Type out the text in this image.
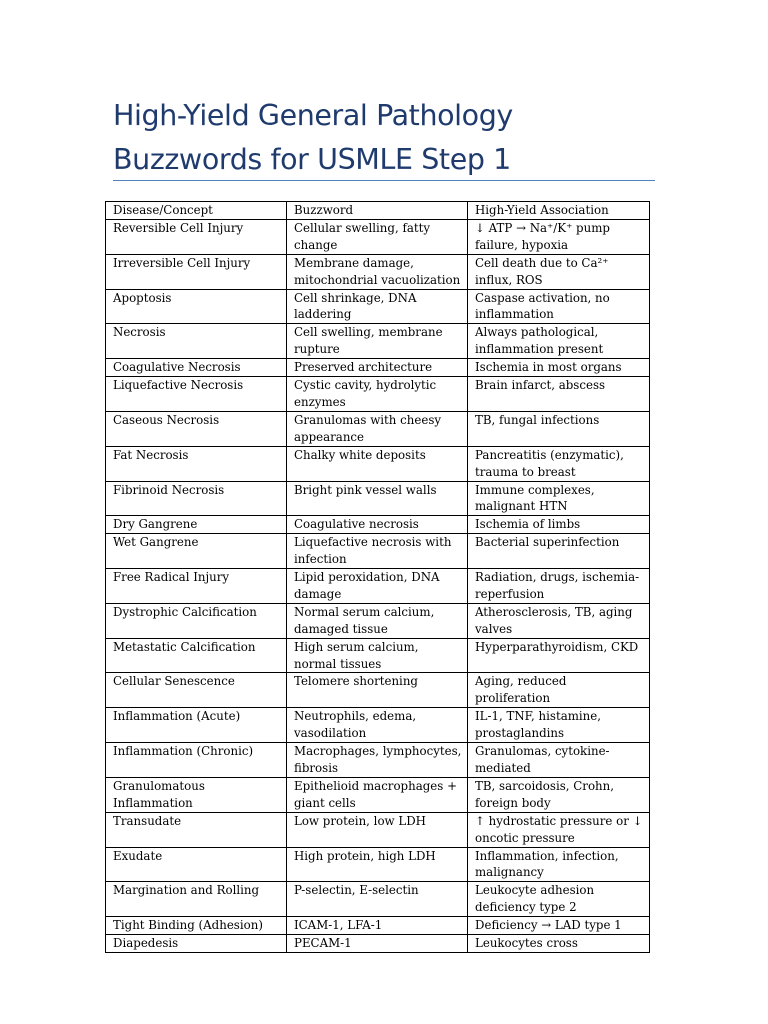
High-Yield General Pathology
Buzzwords for USMLE Step 1
Disease/Concept	Buzzword	High-Yield Association
Reversible Cell Injury	Cellular swelling, fatty change	↓ ATP → Na⁺/K⁺ pump failure, hypoxia
Irreversible Cell Injury	Membrane damage, mitochondrial vacuolization	Cell death due to Ca²⁺ influx, ROS
Apoptosis	Cell shrinkage, DNA laddering	Caspase activation, no inflammation
Necrosis	Cell swelling, membrane rupture	Always pathological, inflammation present
Coagulative Necrosis	Preserved architecture	Ischemia in most organs
Liquefactive Necrosis	Cystic cavity, hydrolytic enzymes	Brain infarct, abscess
Caseous Necrosis	Granulomas with cheesy appearance	TB, fungal infections
Fat Necrosis	Chalky white deposits	Pancreatitis (enzymatic), trauma to breast
Fibrinoid Necrosis	Bright pink vessel walls	Immune complexes, malignant HTN
Dry Gangrene	Coagulative necrosis	Ischemia of limbs
Wet Gangrene	Liquefactive necrosis with infection	Bacterial superinfection
Free Radical Injury	Lipid peroxidation, DNA damage	Radiation, drugs, ischemia-reperfusion
Dystrophic Calcification	Normal serum calcium, damaged tissue	Atherosclerosis, TB, aging valves
Metastatic Calcification	High serum calcium, normal tissues	Hyperparathyroidism, CKD
Cellular Senescence	Telomere shortening	Aging, reduced proliferation
Inflammation (Acute)	Neutrophils, edema, vasodilation	IL-1, TNF, histamine, prostaglandins
Inflammation (Chronic)	Macrophages, lymphocytes, fibrosis	Granulomas, cytokine-mediated
Granulomatous Inflammation	Epithelioid macrophages + giant cells	TB, sarcoidosis, Crohn, foreign body
Transudate	Low protein, low LDH	↑ hydrostatic pressure or ↓ oncotic pressure
Exudate	High protein, high LDH	Inflammation, infection, malignancy
Margination and Rolling	P-selectin, E-selectin	Leukocyte adhesion deficiency type 2
Tight Binding (Adhesion)	ICAM-1, LFA-1	Deficiency → LAD type 1
Diapedesis	PECAM-1	Leukocytes cross
